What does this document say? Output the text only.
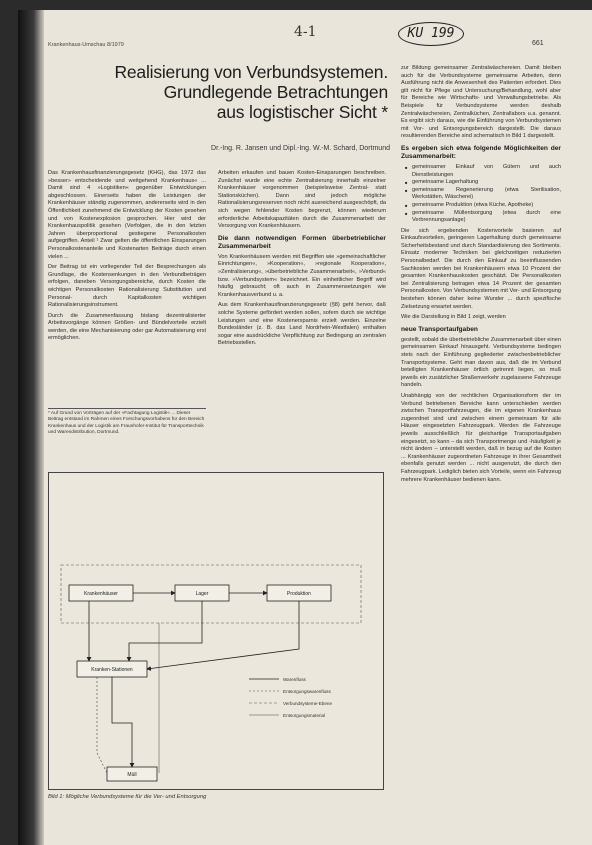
Krankenhaus-Umschau 8/1979
4-1	KU 199
661
Realisierung von Verbundsystemen.
Grundlegende Betrachtungen
aus logistischer Sicht *
Dr.-Ing. R. Jansen und Dipl.-Ing. W.-M. Schard, Dortmund

Das Krankenhausfinanzierungsgesetz (KHG), das 1972 das »besser» entscheidende und weitgehend Krankenhaus« ... Damit sind 4 »Logistiken« gegenüber Entwicklungen abgeschlossen. Einerseits haben die Leistungen der Krankenhäuser ständig zugenommen, andererseits wird in den Öffentlichkeit zunehmend die Entwicklung der Kosten gesehen und von Kostenexplosion gesprochen. Hier wird der Krankenhauspolitik gesehen (Verfolgen, die in den letzten Jahren überproportional gestiegene Personalkosten aufgegriffen. Anteil ¹ Zwar gelten die öffentlichen Einsparungen Personalkostenanteile und Kostenarten Beiträge durch einen vielen ...

Der Beitrag ist ein vorliegender Teil der Besprechungen als Grundlage, die Kostensenkungen in den Verbundbeträgen erfolgen, daneben Versorgungsbereiche, durch Kosten die wichtigen Personalkosten Rationalisierung Substitution und Personal- durch Kapitalkosten wichtigen Rationalisierungsinstrument.

Durch die Zusammenfassung bislang dezentralisierter Arbeitsvorgänge können Größen- und Bündelvorteile erzielt werden, die eine Mechanisierung oder gar Automatisierung erst ermöglichen.

* Auf Grund von Vorträgen auf der »Fachtagung Logistik« ... Dieser Beitrag entstand im Rahmen eines Forschungsvorhabens für den Bereich Krankenhaus und der Logistik am Fraunhofer-Institut für Transporttechnik und Warendistribution, Dortmund.

Arbeiten erkaufen und bauen Kosten-Einsparungen beschreiben. Zunächst wurde eine echte Zentralisierung innerhalb einzelner Krankenhäuser vorgenommen (beispielsweise Zentral- statt Stationsküchen). Dann sind jedoch mögliche Rationalisierungsreserven noch nicht ausreichend ausgeschöpft, da sich wegen fehlender Kosten begrenzt, können wiederum erforderliche Arbeitskapazitäten durch die Zusammenarbeit der Versorgung von Krankenhäusern.

Die dann notwendigen Formen überbetrieblicher Zusammenarbeit

Von Krankenhäusern werden mit Begriffen wie »gemeinschaftlicher Einrichtungen«, »Kooperation«, »regionale Kooperation«, »Zentralisierung«, »überbetriebliche Zusammenarbeit«, »Verbund« bzw. »Verbundsystem« bezeichnet. Ein einheitlicher Begriff wird häufig gebraucht; oft auch in Zusammensetzungen wie Krankenhausverbund u. a.

Aus dem Krankenhausfinanzierungsgesetz (§8) geht hervor, daß solche Systeme gefördert werden sollen, sofern durch sie wichtige Leistungen und eine Kostenersparnis erzielt werden. Einzelne Bundesländer (z. B. das Land Nordrhein-Westfalen) enthalten sogar eine ausdrückliche Verpflichtung zur Bedingung an zentralen Betriebsstellen.

zur Bildung gemeinsamer Zentralwäschereien. Damit bleiben auch für die Verbundsysteme gemeinsame Arbeiten, denn Ausführung nicht die Anwesenheit des Patienten erfordert. Dies gilt nicht für Pflege und Untersuchung/Behandlung, wohl aber für Bereiche wie Wirtschafts- und Verwaltungsbetriebe. Als Beispiele für Verbundsysteme werden deshalb Zentralwäschereien, Zentralküchen, Zentrallabors u.a. genannt. Es ergibt sich daraus, wie die Einführung von Verbundsystemen mit Vor- und Entsorgungsbereich dargestellt. Die daraus resultierenden Bereiche sind schematisch in Bild 1 dargestellt.

Es ergeben sich etwa folgende Möglichkeiten der Zusammenarbeit:
■ gemeinsamer Einkauf von Gütern und auch Dienstleistungen
■ gemeinsame Lagerhaltung
■ gemeinsame Regenerierung (etwa Sterilisation, Werkstätten, Wäscherei)
■ gemeinsame Produktion (etwa Küche, Apotheke)
■ gemeinsame Müllentsorgung (etwa durch eine Verbrennungsanlage)

Die sich ergebenden Kostenvorteile basieren auf Einkaufsvorteilen, geringeren Lagerhaltung durch gemeinsame Sicherheitsbestand und durch Standardisierung des Sortiments. Einsatz moderner Techniken bei gleichzeitigen reduzierten Personalbedarf. Die durch den Einkauf zu beeinflussenden Sachkosten werden bei Krankenhäusern etwa 10 Prozent der gesamten Krankenhauskosten geschätzt. Die Personalkosten bei Zentralisierung betragen etwa 14 Prozent der gesamten Personalkosten. Von Verbundsystemen mit Ver- und Entsorgung bestehen können daher keine Wunder ... durch spezifische Zielsetzung erwartet werden.

Wie die Darstellung in Bild 1 zeigt, werden

neue Transportaufgaben

gestellt, sobald die überbetriebliche Zusammenarbeit über einen gemeinsamen Einkauf hinausgeht. Verbundsysteme bedingen stets nach der Einführung gegliederter zwischenbetrieblicher Transportsysteme. Geht man davon aus, daß die im Verbund beteiligten Krankenhäuser örtlich getrennt liegen, so muß jeweils ein zusätzlicher Straßenverkehr zugelassene Fahrzeuge handeln.

Unabhängig von der rechtlichen Organisationsform der im Verbund betriebenen Bereiche kann unterschieden werden zwischen Transportfahrzeugen, die im eigenen Krankenhaus zugeordnet sind und zwischen einem gemeinsam für alle Häuser eingesetzten Fahrzeugpark. Werden die Fahrzeuge jeweils ausschließlich für gleichartige Transportaufgaben eingesetzt, so kann – da sich Transportmenge und -häufigkeit je nicht ändern – unterstellt werden, daß in bezug auf die Kosten ... Krankenhäuser zugeordneten Fahrzeuge in ihrer Gesamtheit ebenfalls genutzt werden ... nicht ausgenutzt, die durch den Fahrzeugpark. Lediglich bieten sich Vorteile, wenn ein Fahrzeug mehrere Krankenhäuser bedienen kann.

Krankenhäuser	Lager	Produktion
Kranken-Stationen
Müll
Warenfluss
Entsorgungswarenfluss
Verbundsysteme-Ebene
Entsorgungsmaterial
Bild 1: Mögliche Verbundsysteme für die Ver- und Entsorgung
